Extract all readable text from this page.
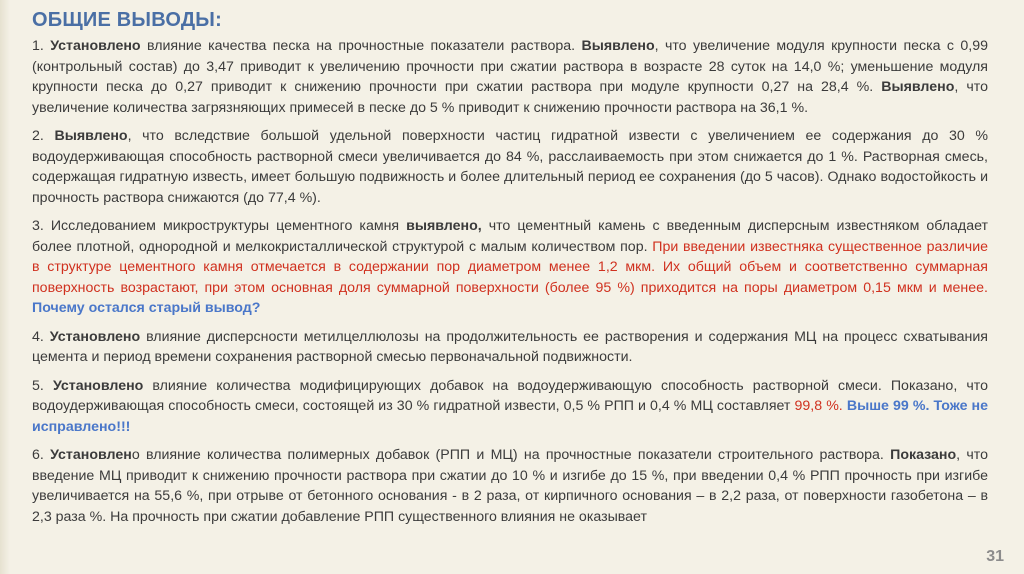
ОБЩИЕ ВЫВОДЫ:

1. Установлено влияние качества песка на прочностные показатели раствора. Выявлено, что увеличение модуля крупности песка с 0,99 (контрольный состав) до 3,47 приводит к увеличению прочности при сжатии раствора в возрасте 28 суток на 14,0 %; уменьшение модуля крупности песка до 0,27 приводит к снижению прочности при сжатии раствора при модуле крупности 0,27 на 28,4 %. Выявлено, что увеличение количества загрязняющих примесей в песке до 5 % приводит к снижению прочности раствора на 36,1 %.

2. Выявлено, что вследствие большой удельной поверхности частиц гидратной извести с увеличением ее содержания до 30 % водоудерживающая способность растворной смеси увеличивается до 84 %, расслаиваемость при этом снижается до 1 %. Растворная смесь, содержащая гидратную известь, имеет большую подвижность и более длительный период ее сохранения (до 5 часов). Однако водостойкость и прочность раствора снижаются (до 77,4 %).

3. Исследованием микроструктуры цементного камня выявлено, что цементный камень с введенным дисперсным известняком обладает более плотной, однородной и мелкокристаллической структурой с малым количеством пор. При введении известняка существенное различие в структуре цементного камня отмечается в содержании пор диаметром менее 1,2 мкм. Их общий объем и соответственно суммарная поверхность возрастают, при этом основная доля суммарной поверхности (более 95 %) приходится на поры диаметром 0,15 мкм и менее. Почему остался старый вывод?

4. Установлено влияние дисперсности метилцеллюлозы на продолжительность ее растворения и содержания МЦ на процесс схватывания цемента и период времени сохранения растворной смесью первоначальной подвижности.

5. Установлено влияние количества модифицирующих добавок на водоудерживающую способность растворной смеси. Показано, что водоудерживающая способность смеси, состоящей из 30 % гидратной извести, 0,5 % РПП и 0,4 % МЦ составляет 99,8 %. Выше 99 %. Тоже не исправлено!!!

6. Установлено влияние количества полимерных добавок (РПП и МЦ) на прочностные показатели строительного раствора. Показано, что введение МЦ приводит к снижению прочности раствора при сжатии до 10 % и изгибе до 15 %, при введении 0,4 % РПП прочность при изгибе увеличивается на 55,6 %, при отрыве от бетонного основания - в 2 раза, от кирпичного основания – в 2,2 раза, от поверхности газобетона – в 2,3 раза %. На прочность при сжатии добавление РПП существенного влияния не оказывает

31
